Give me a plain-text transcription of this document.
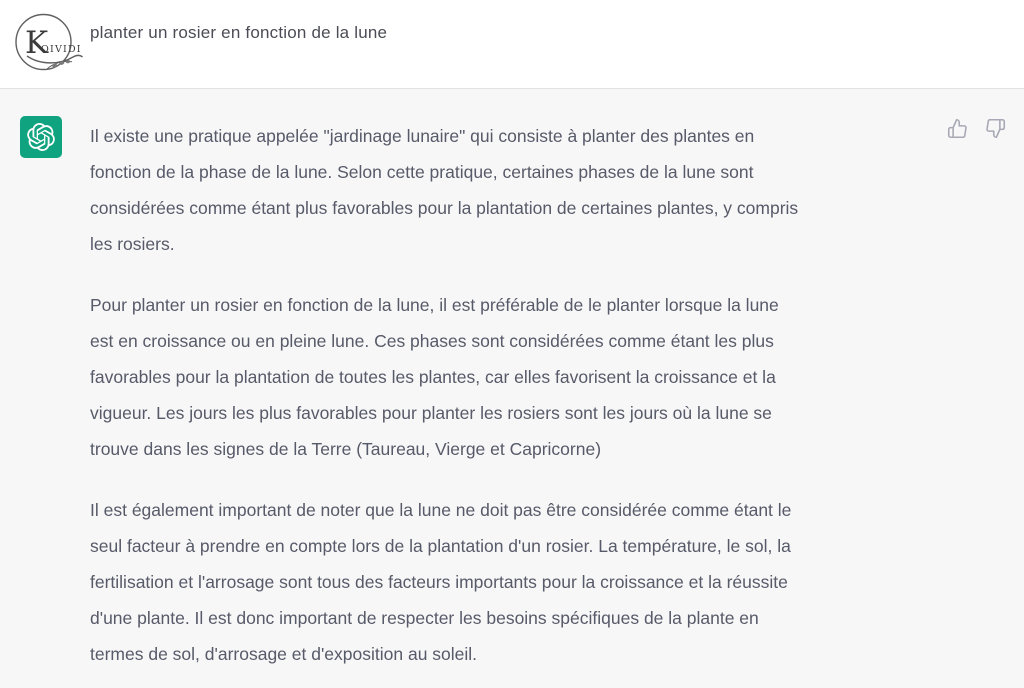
K
OIVIDI
planter un rosier en fonction de la lune
Il existe une pratique appelée "jardinage lunaire" qui consiste à planter des plantes en
fonction de la phase de la lune. Selon cette pratique, certaines phases de la lune sont
considérées comme étant plus favorables pour la plantation de certaines plantes, y compris
les rosiers.
Pour planter un rosier en fonction de la lune, il est préférable de le planter lorsque la lune
est en croissance ou en pleine lune. Ces phases sont considérées comme étant les plus
favorables pour la plantation de toutes les plantes, car elles favorisent la croissance et la
vigueur. Les jours les plus favorables pour planter les rosiers sont les jours où la lune se
trouve dans les signes de la Terre (Taureau, Vierge et Capricorne)
Il est également important de noter que la lune ne doit pas être considérée comme étant le
seul facteur à prendre en compte lors de la plantation d'un rosier. La température, le sol, la
fertilisation et l'arrosage sont tous des facteurs importants pour la croissance et la réussite
d'une plante. Il est donc important de respecter les besoins spécifiques de la plante en
termes de sol, d'arrosage et d'exposition au soleil.
